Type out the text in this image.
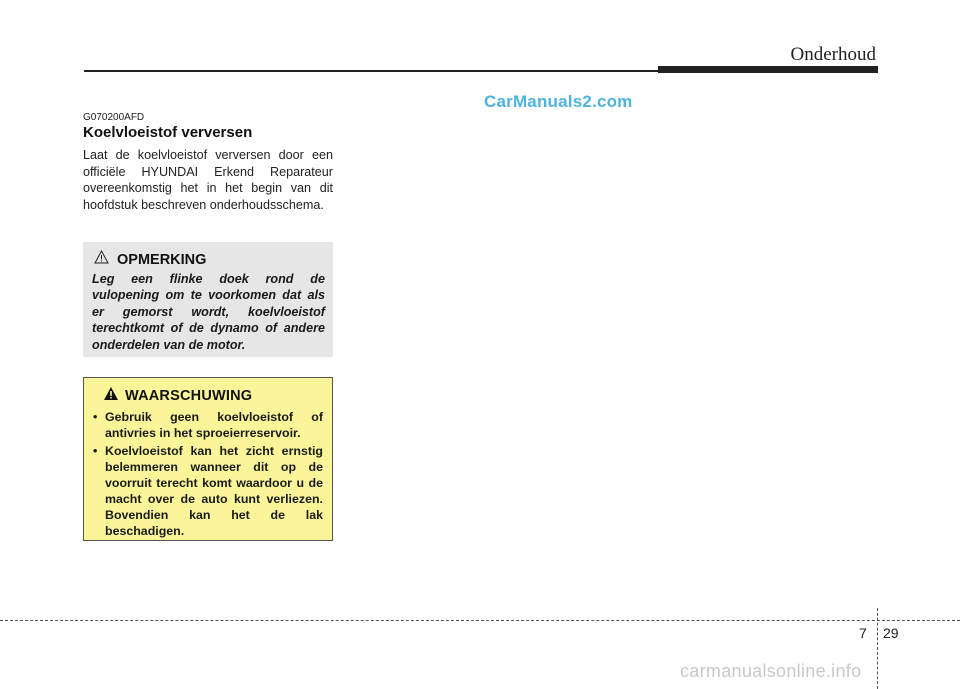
Onderhoud
CarManuals2.com
G070200AFD
Koelvloeistof verversen

Laat de koelvloeistof verversen door een officiële HYUNDAI Erkend Reparateur overeenkomstig het in het begin van dit hoofdstuk beschreven onderhoudsschema.

OPMERKING

Leg een flinke doek rond de vulopening om te voorkomen dat als er gemorst wordt, koelvloeistof terechtkomt of de dynamo of andere onderdelen van de motor.

WAARSCHUWING
• Gebruik geen koelvloeistof of antivries in het sproeierreservoir.
• Koelvloeistof kan het zicht ernstig belemmeren wanneer dit op de voorruit terecht komt waardoor u de macht over de auto kunt verliezen. Bovendien kan het de lak beschadigen.
7 29
carmanualsonline.info
